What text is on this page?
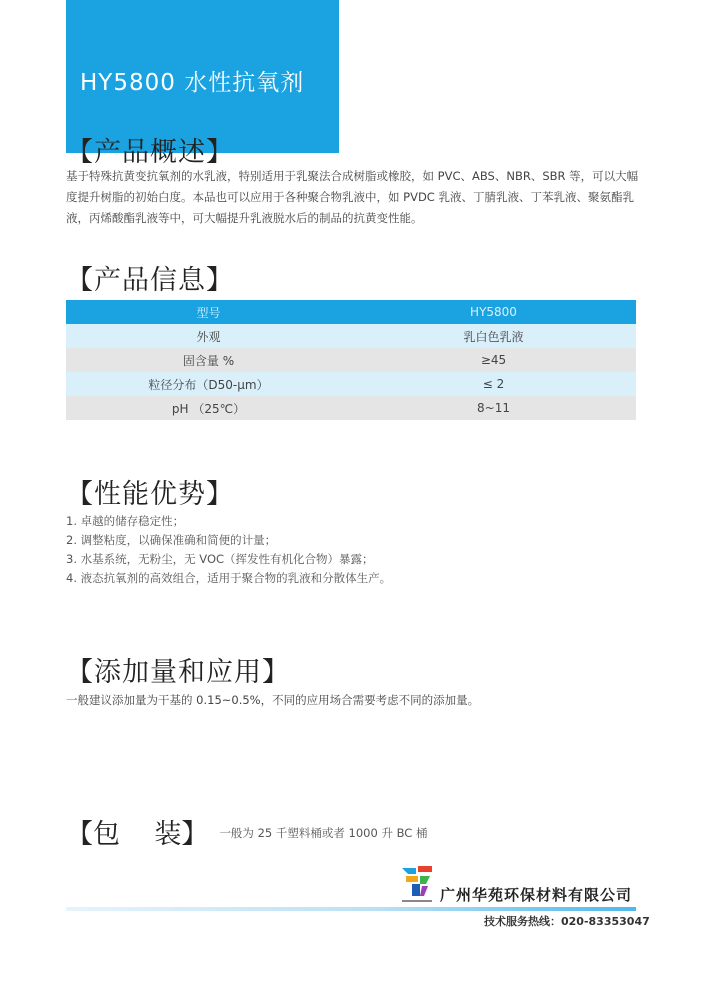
HY5800 水性抗氧剂
【产品概述】
基于特殊抗黄变抗氧剂的水乳液，特别适用于乳聚法合成树脂或橡胶，如 PVC、ABS、NBR、SBR 等，可以大幅度提升树脂的初始白度。本品也可以应用于各种聚合物乳液中，如 PVDC 乳液、丁腈乳液、丁苯乳液、聚氨酯乳液，丙烯酸酯乳液等中，可大幅提升乳液脱水后的制品的抗黄变性能。
【产品信息】
型号	HY5800
外观	乳白色乳液
固含量 %	≥45
粒径分布（D50-μm）	≤ 2
pH （25℃）	8~11
【性能优势】
1. 卓越的储存稳定性；
2. 调整粘度，以确保准确和简便的计量；
3. 水基系统，无粉尘，无 VOC（挥发性有机化合物）暴露；
4. 液态抗氧剂的高效组合，适用于聚合物的乳液和分散体生产。
【添加量和应用】
一般建议添加量为干基的 0.15~0.5%，不同的应用场合需要考虑不同的添加量。
【包    装】 $^{一般为 25 千塑料桶或者 1000 升 BC 桶}$
广州华苑环保材料有限公司
技术服务热线：020-83353047
